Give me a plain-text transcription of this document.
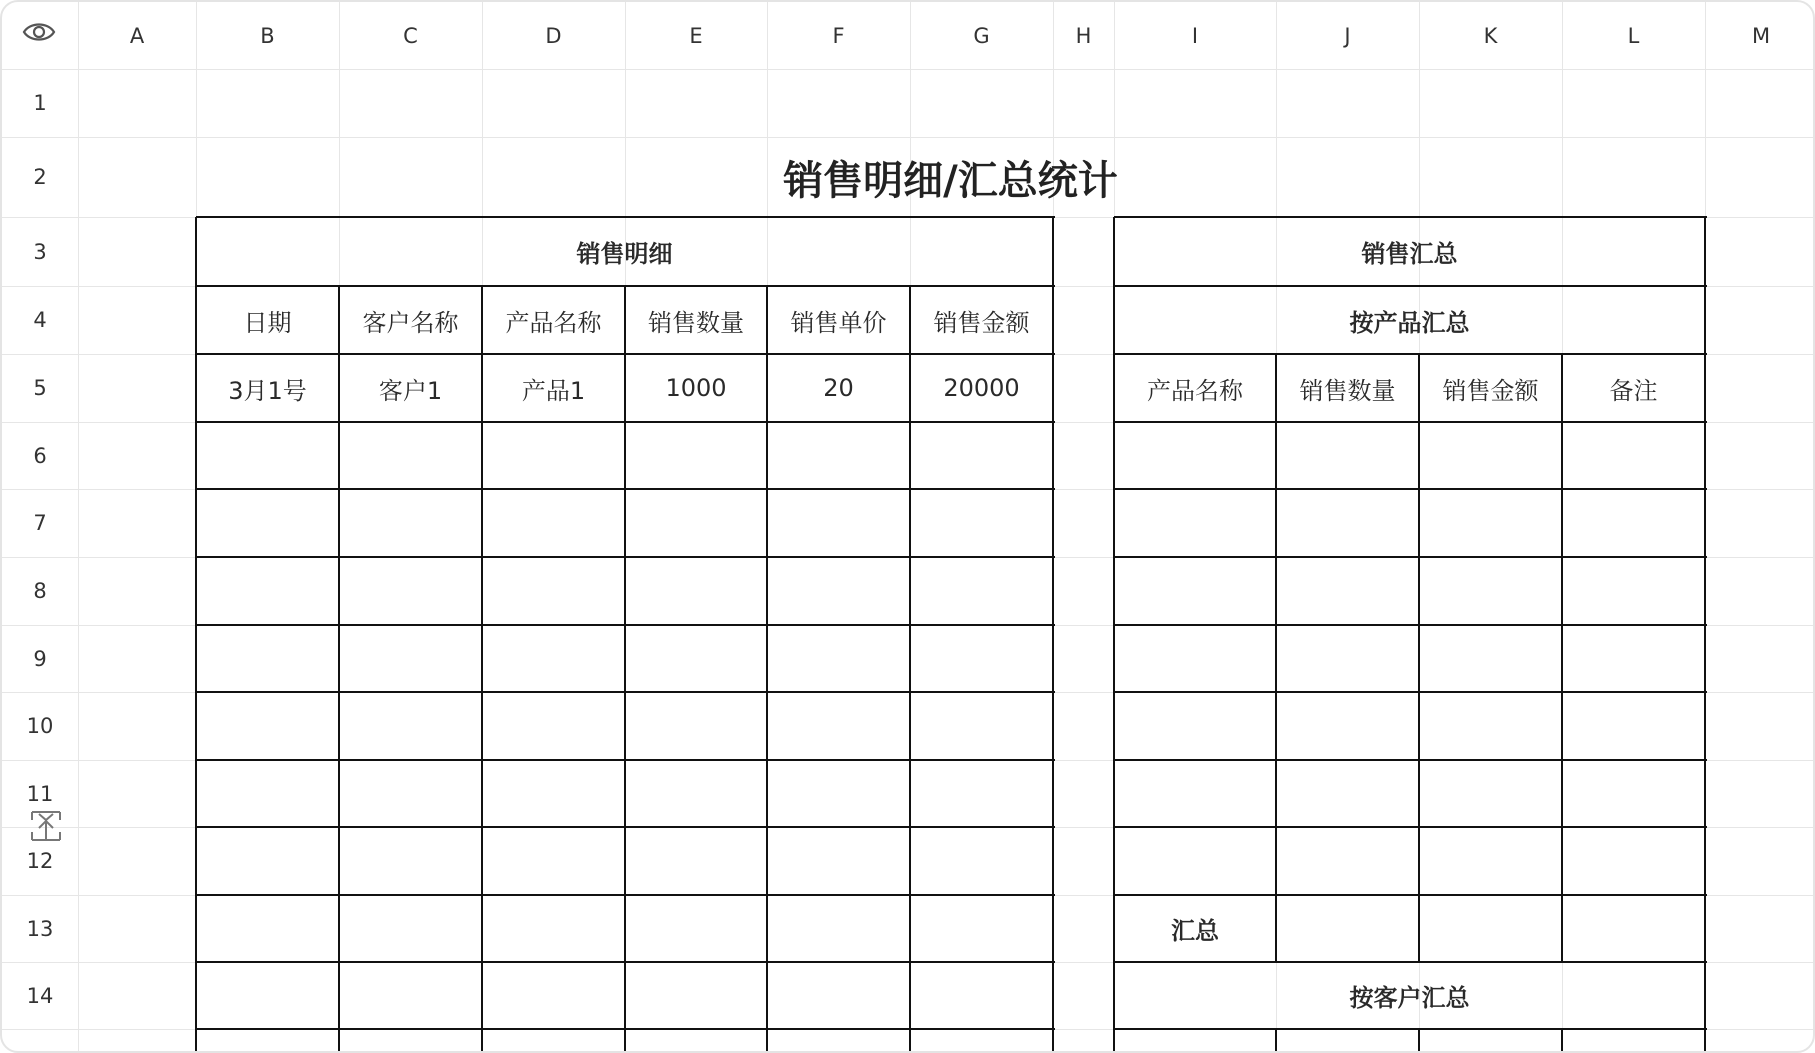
A	B	C	D	E	F	G	H	I	J	K	L	M
1
2
3
4
5
6
7
8
9
10
11
12
13
14
销售明细/汇总统计
销售明细
日期	客户名称	产品名称	销售数量	销售单价	销售金额
3月1号	客户1	产品1	1000	20	20000
销售汇总
按产品汇总
产品名称	销售数量	销售金额	备注
汇总
按客户汇总
